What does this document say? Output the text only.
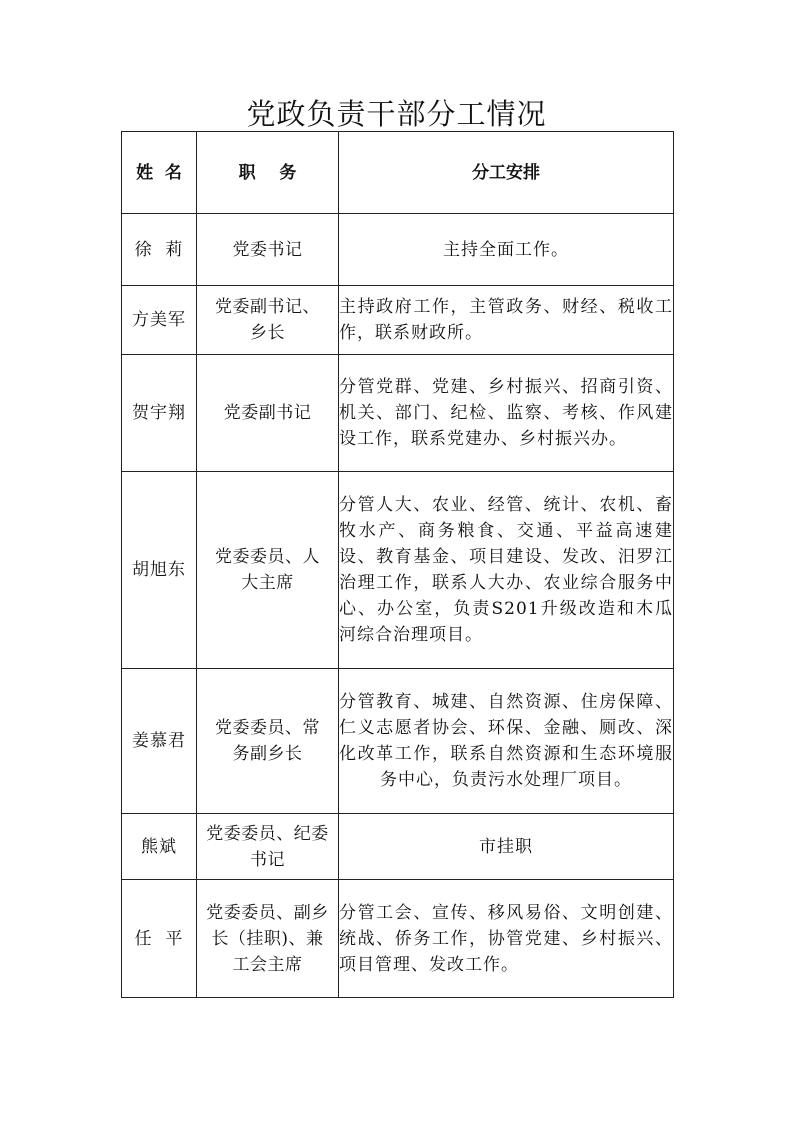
党政负责干部分工情况
姓  名	职    务	分工安排
徐  莉	党委书记	主持全面工作。
方美军	党委副书记、乡长	主持政府工作，主管政务、财经、税收工作，联系财政所。
贺宇翔	党委副书记	分管党群、党建、乡村振兴、招商引资、机关、部门、纪检、监察、考核、作风建设工作，联系党建办、乡村振兴办。
胡旭东	党委委员、人大主席	分管人大、农业、经管、统计、农机、畜牧水产、商务粮食、交通、平益高速建设、教育基金、项目建设、发改、汨罗江治理工作，联系人大办、农业综合服务中心、办公室，负责S201升级改造和木瓜河综合治理项目。
姜慕君	党委委员、常务副乡长	分管教育、城建、自然资源、住房保障、仁义志愿者协会、环保、金融、厕改、深化改革工作，联系自然资源和生态环境服务中心，负责污水处理厂项目。
熊斌	党委委员、纪委书记	市挂职
任  平	党委委员、副乡长（挂职)、兼工会主席	分管工会、宣传、移风易俗、文明创建、统战、侨务工作，协管党建、乡村振兴、项目管理、发改工作。
